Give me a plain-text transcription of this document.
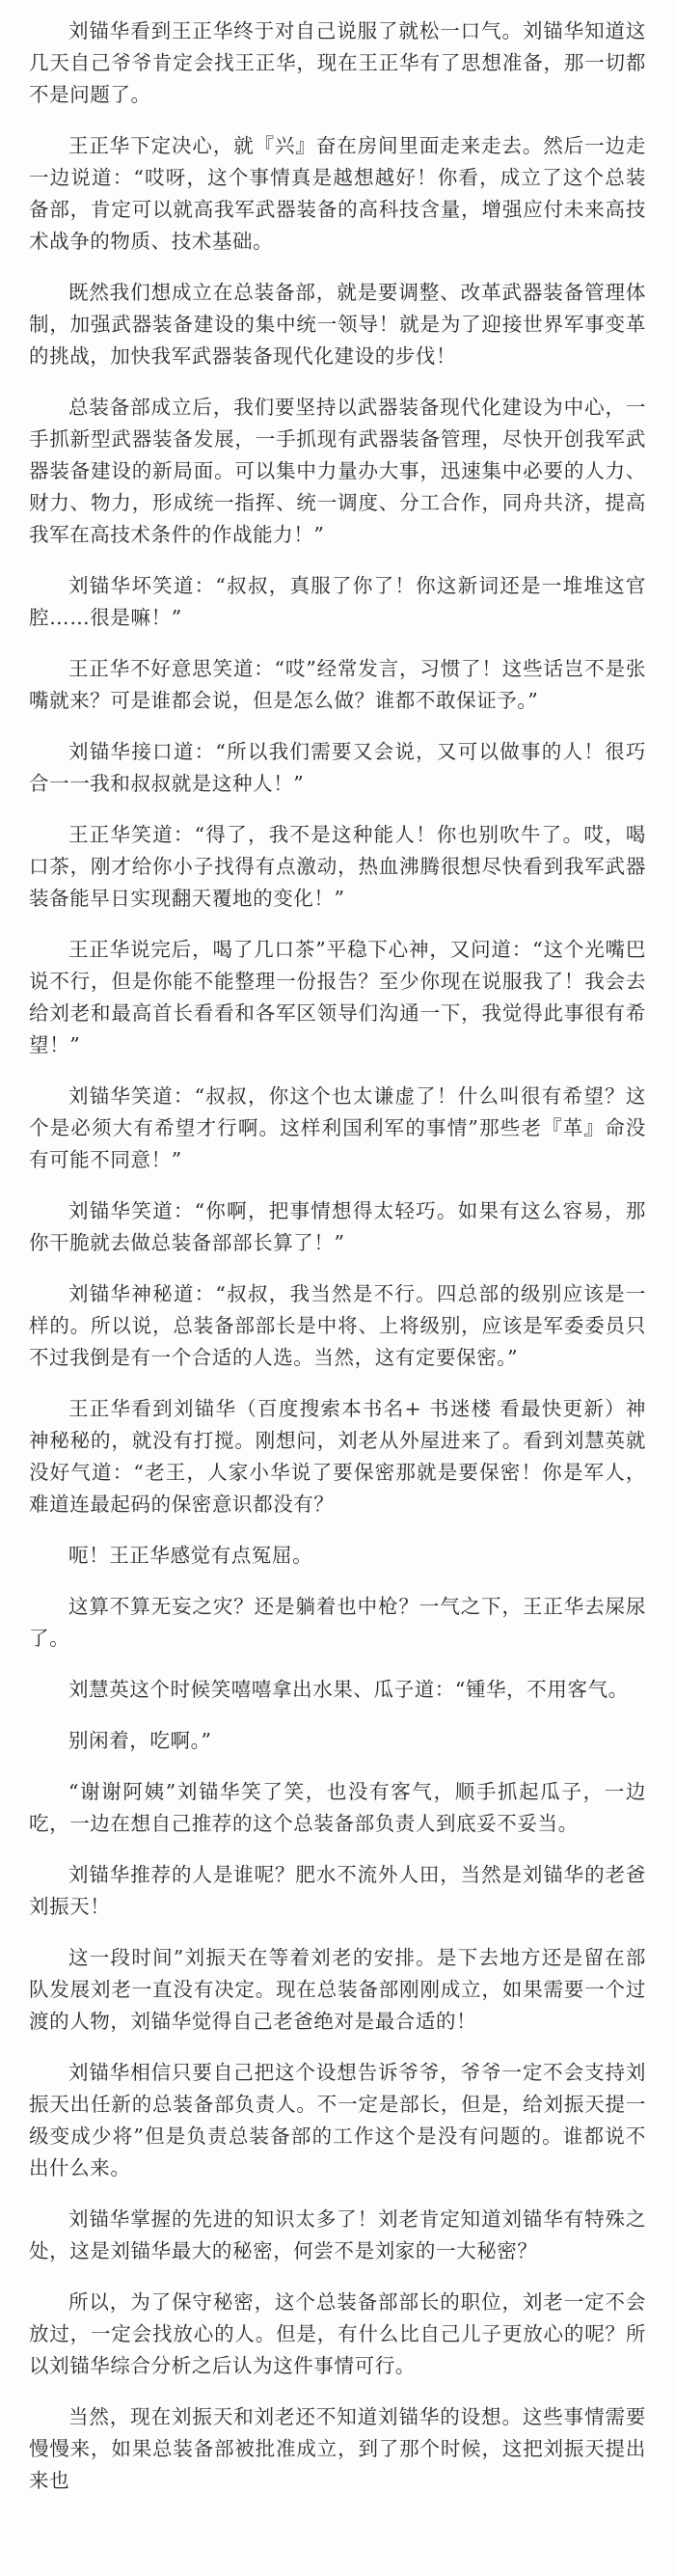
刘锚华看到王正华终于对自己说服了就松一口气。刘锚华知道这几天自己爷爷肯定会找王正华，现在王正华有了思想准备，那一切都不是问题了。

王正华下定决心，就『兴』奋在房间里面走来走去。然后一边走一边说道：“哎呀，这个事情真是越想越好！你看，成立了这个总装备部，肯定可以就高我军武器装备的高科技含量，增强应付未来高技术战争的物质、技术基础。

既然我们想成立在总装备部，就是要调整、改革武器装备管理体制，加强武器装备建设的集中统一领导！就是为了迎接世界军事变革的挑战，加快我军武器装备现代化建设的步伐！

总装备部成立后，我们要坚持以武器装备现代化建设为中心，一手抓新型武器装备发展，一手抓现有武器装备管理，尽快开创我军武器装备建设的新局面。可以集中力量办大事，迅速集中必要的人力、财力、物力，形成统一指挥、统一调度、分工合作，同舟共济，提高我军在高技术条件的作战能力！”

刘锚华坏笑道：“叔叔，真服了你了！你这新词还是一堆堆这官腔……很是嘛！”

王正华不好意思笑道：“哎”经常发言，习惯了！这些话岂不是张嘴就来？可是谁都会说，但是怎么做？谁都不敢保证予。”

刘锚华接口道：“所以我们需要又会说，又可以做事的人！很巧合一一我和叔叔就是这种人！”

王正华笑道：“得了，我不是这种能人！你也别吹牛了。哎，喝口茶，刚才给你小子找得有点激动，热血沸腾很想尽快看到我军武器装备能早日实现翻天覆地的变化！”

王正华说完后，喝了几口茶”平稳下心神，又问道：“这个光嘴巴说不行，但是你能不能整理一份报告？至少你现在说服我了！我会去给刘老和最高首长看看和各军区领导们沟通一下，我觉得此事很有希望！”

刘锚华笑道：“叔叔，你这个也太谦虚了！什么叫很有希望？这个是必须大有希望才行啊。这样利国利军的事情”那些老『革』命没有可能不同意！”

刘锚华笑道：“你啊，把事情想得太轻巧。如果有这么容易，那你干脆就去做总装备部部长算了！”

刘锚华神秘道：“叔叔，我当然是不行。四总部的级别应该是一样的。所以说，总装备部部长是中将、上将级别，应该是军委委员只不过我倒是有一个合适的人选。当然，这有定要保密。”

王正华看到刘锚华（百度搜索本书名+ 书迷楼 看最快更新）神神秘秘的，就没有打搅。刚想问，刘老从外屋进来了。看到刘慧英就没好气道：“老王，人家小华说了要保密那就是要保密！你是军人，难道连最起码的保密意识都没有？

呃！王正华感觉有点冤屈。

这算不算无妄之灾？还是躺着也中枪？一气之下，王正华去屎尿了。

刘慧英这个时候笑嘻嘻拿出水果、瓜子道：“锺华，不用客气。

别闲着，吃啊。”

“谢谢阿姨”刘锚华笑了笑，也没有客气，顺手抓起瓜子，一边吃，一边在想自己推荐的这个总装备部负责人到底妥不妥当。

刘锚华推荐的人是谁呢？肥水不流外人田，当然是刘锚华的老爸刘振天！

这一段时间”刘振天在等着刘老的安排。是下去地方还是留在部队发展刘老一直没有决定。现在总装备部刚刚成立，如果需要一个过渡的人物，刘锚华觉得自己老爸绝对是最合适的！

刘锚华相信只要自己把这个设想告诉爷爷，爷爷一定不会支持刘振天出任新的总装备部负责人。不一定是部长，但是，给刘振天提一级变成少将”但是负责总装备部的工作这个是没有问题的。谁都说不出什么来。

刘锚华掌握的先进的知识太多了！刘老肯定知道刘锚华有特殊之处，这是刘锚华最大的秘密，何尝不是刘家的一大秘密？

所以，为了保守秘密，这个总装备部部长的职位，刘老一定不会放过，一定会找放心的人。但是，有什么比自己儿子更放心的呢？所以刘锚华综合分析之后认为这件事情可行。

当然，现在刘振天和刘老还不知道刘锚华的设想。这些事情需要慢慢来，如果总装备部被批准成立，到了那个时候，这把刘振天提出来也
